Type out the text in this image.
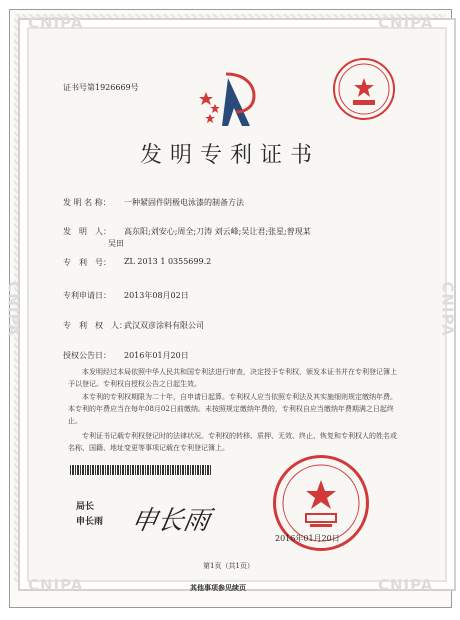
CNIPA	CNIPA
CNIPA	CNIPA
CNIPA	CNIPA
证书号第1926669号
发明专利证书
发 明 名 称： 一种紧固件阴极电泳漆的制备方法
发　明　人： 高东阳;刘安心;周全;刀涛 刘云峰;吴让君;张星;曾现某
吴田
专　利　号： ZL 2013 1 0355699.2
专利申请日： 2013年08月02日
专　利　权　人：
武汉双彦涂料有限公司
授权公告日： 2016年01月20日
本发明经过本局依照中华人民共和国专利法进行审查，决定授予专利权，颁发本证书并在专利登记簿上予以登记。专利权自授权公告之日起生效。
本专利的专利权期限为二十年，自申请日起算。专利权人应当依照专利法及其实施细则规定缴纳年费。本专利的年费应当在每年08月02日前缴纳。未按照规定缴纳年费的，专利权自应当缴纳年费期满之日起终止。
专利证书记载专利权登记时的法律状况。专利权的转移、质押、无效、终止、恢复和专利权人的姓名或名称、国籍、地址变更等事项记载在专利登记簿上。
局长
申长雨 申长雨
2016年01月20日
第1页（共1页）
其他事项参见续页
